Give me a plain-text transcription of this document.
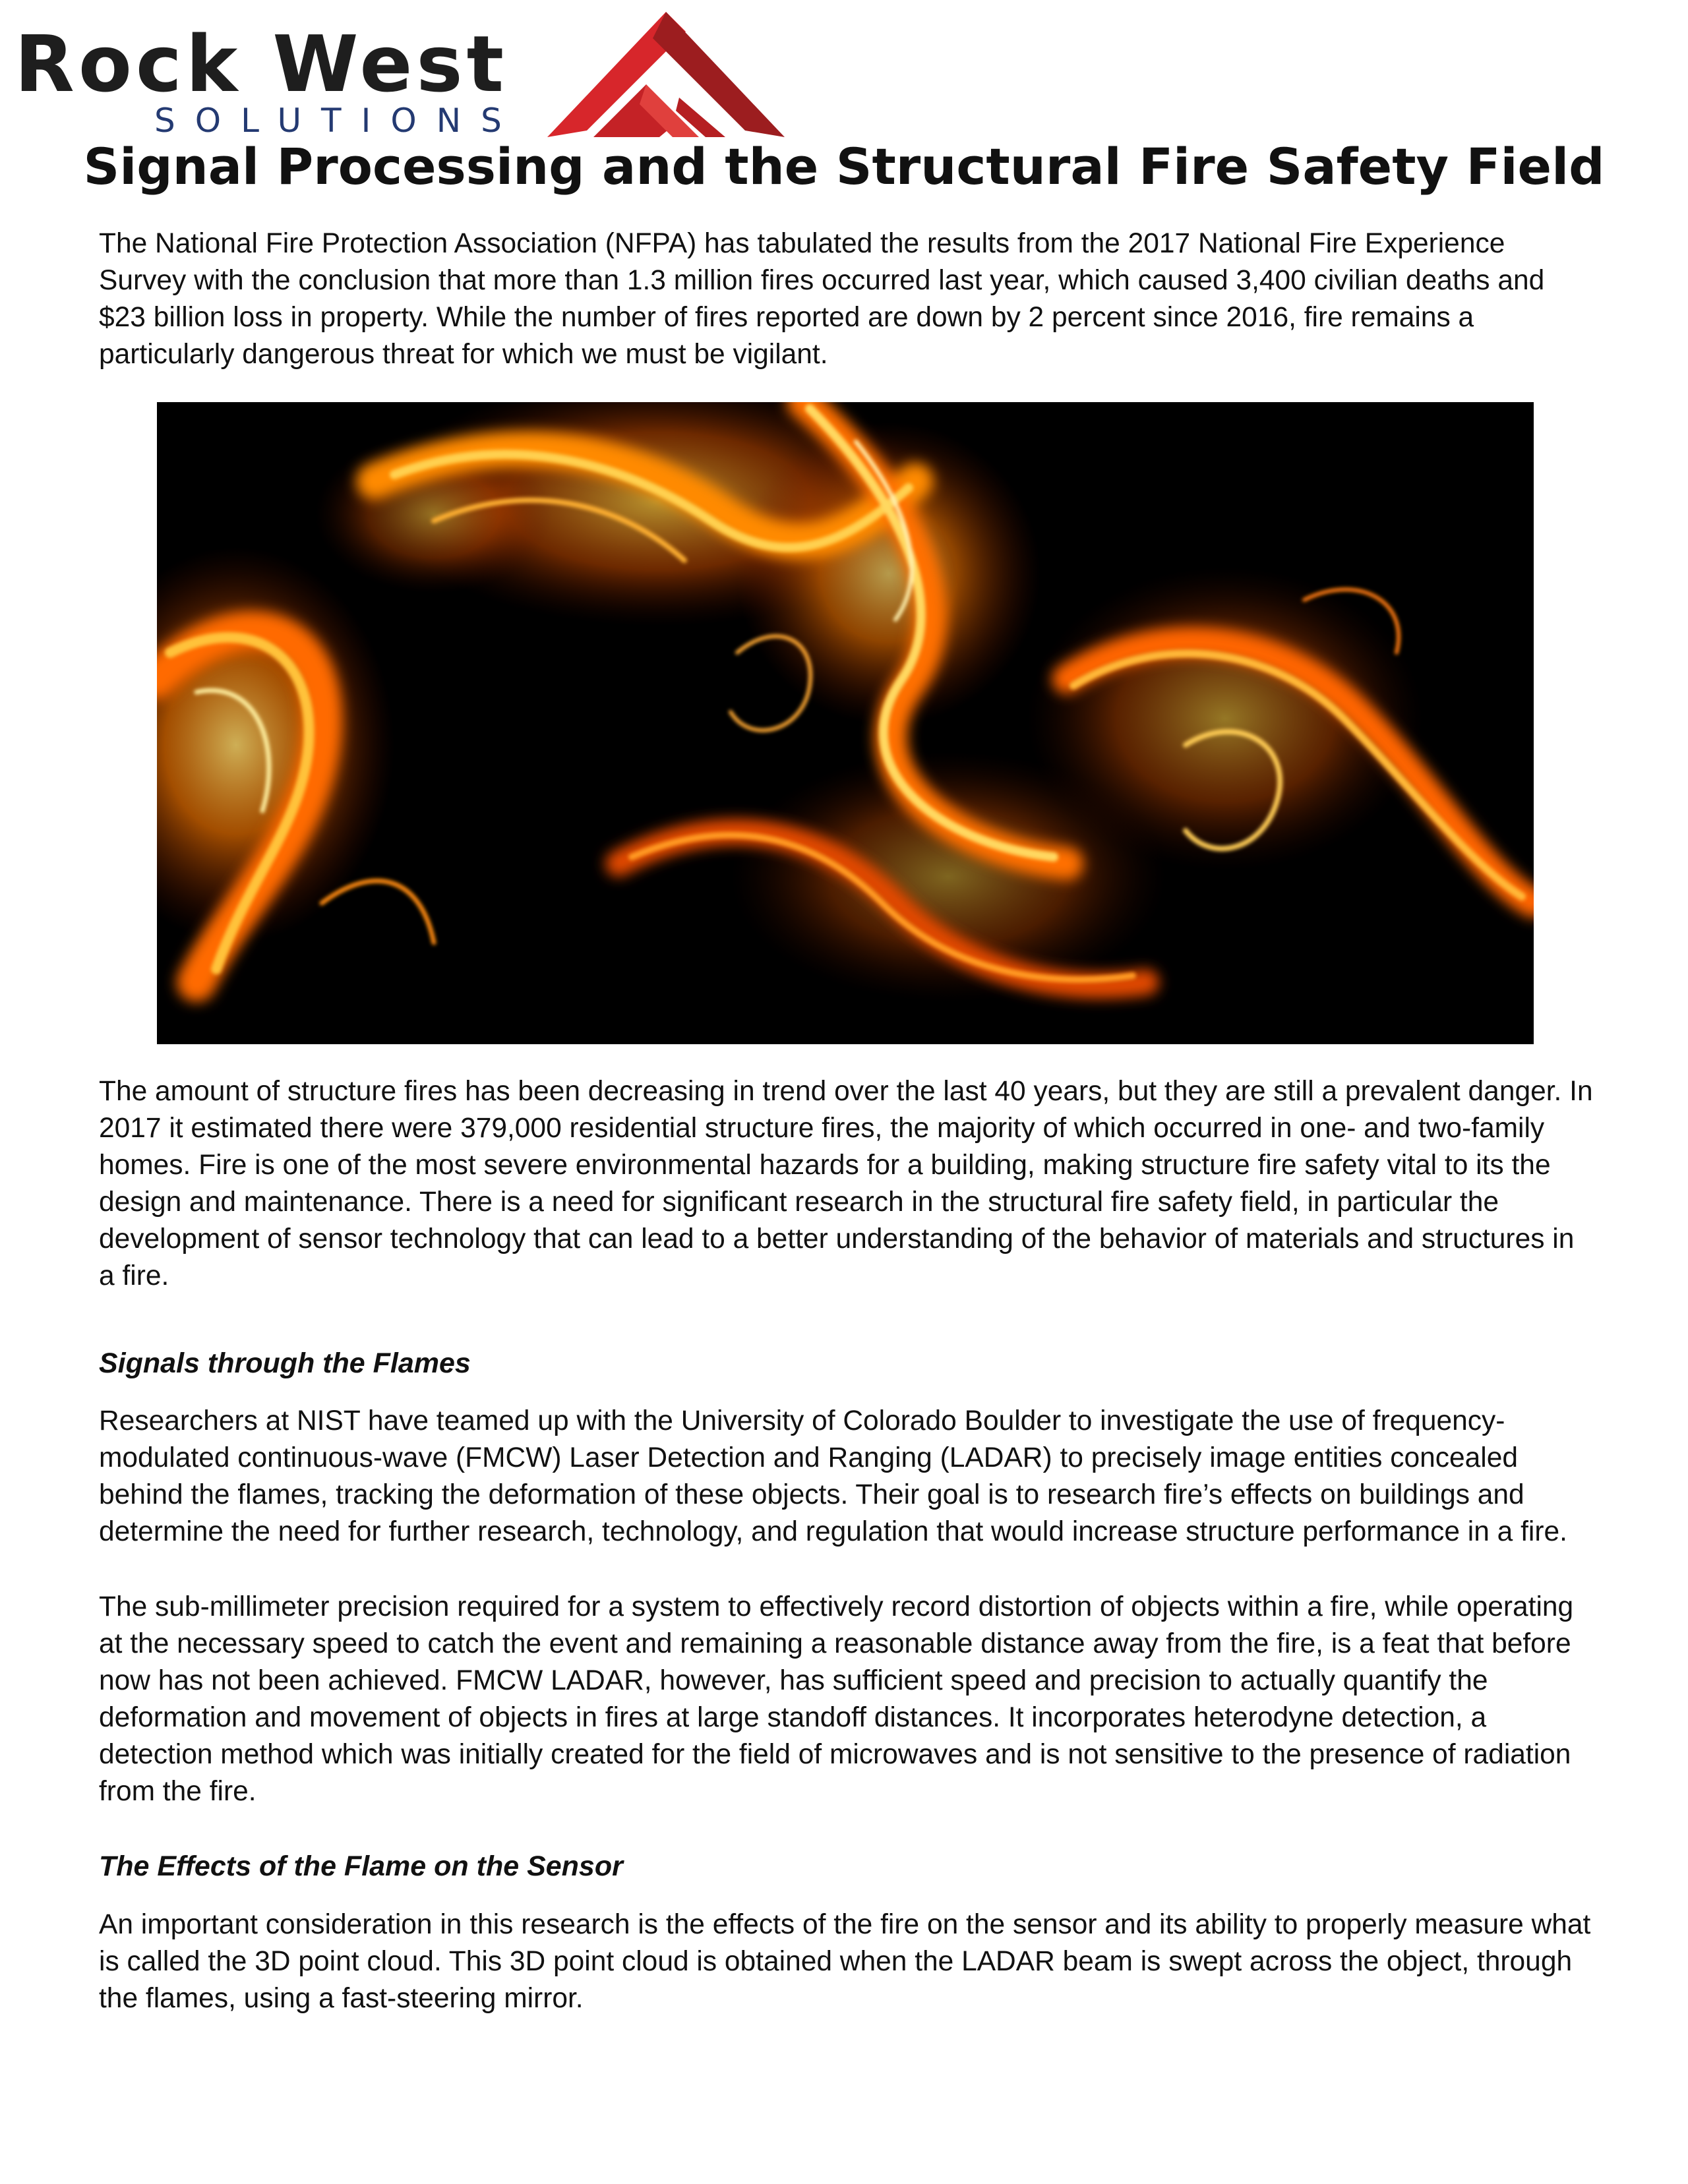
Rock West
SOLUTIONS
Signal Processing and the Structural Fire Safety Field

The National Fire Protection Association (NFPA) has tabulated the results from the 2017 National Fire Experience Survey with the conclusion that more than 1.3 million fires occurred last year, which caused 3,400 civilian deaths and $23 billion loss in property. While the number of fires reported are down by 2 percent since 2016, fire remains a particularly dangerous threat for which we must be vigilant.

The amount of structure fires has been decreasing in trend over the last 40 years, but they are still a prevalent danger. In 2017 it estimated there were 379,000 residential structure fires, the majority of which occurred in one- and two-family homes. Fire is one of the most severe environmental hazards for a building, making structure fire safety vital to its the design and maintenance. There is a need for significant research in the structural fire safety field, in particular the development of sensor technology that can lead to a better understanding of the behavior of materials and structures in a fire.

Signals through the Flames

Researchers at NIST have teamed up with the University of Colorado Boulder to investigate the use of frequency-modulated continuous-wave (FMCW) Laser Detection and Ranging (LADAR) to precisely image entities concealed behind the flames, tracking the deformation of these objects. Their goal is to research fire’s effects on buildings and determine the need for further research, technology, and regulation that would increase structure performance in a fire.

The sub-millimeter precision required for a system to effectively record distortion of objects within a fire, while operating at the necessary speed to catch the event and remaining a reasonable distance away from the fire, is a feat that before now has not been achieved. FMCW LADAR, however, has sufficient speed and precision to actually quantify the deformation and movement of objects in fires at large standoff distances. It incorporates heterodyne detection, a detection method which was initially created for the field of microwaves and is not sensitive to the presence of radiation from the fire.

The Effects of the Flame on the Sensor

An important consideration in this research is the effects of the fire on the sensor and its ability to properly measure what is called the 3D point cloud. This 3D point cloud is obtained when the LADAR beam is swept across the object, through the flames, using a fast-steering mirror.
